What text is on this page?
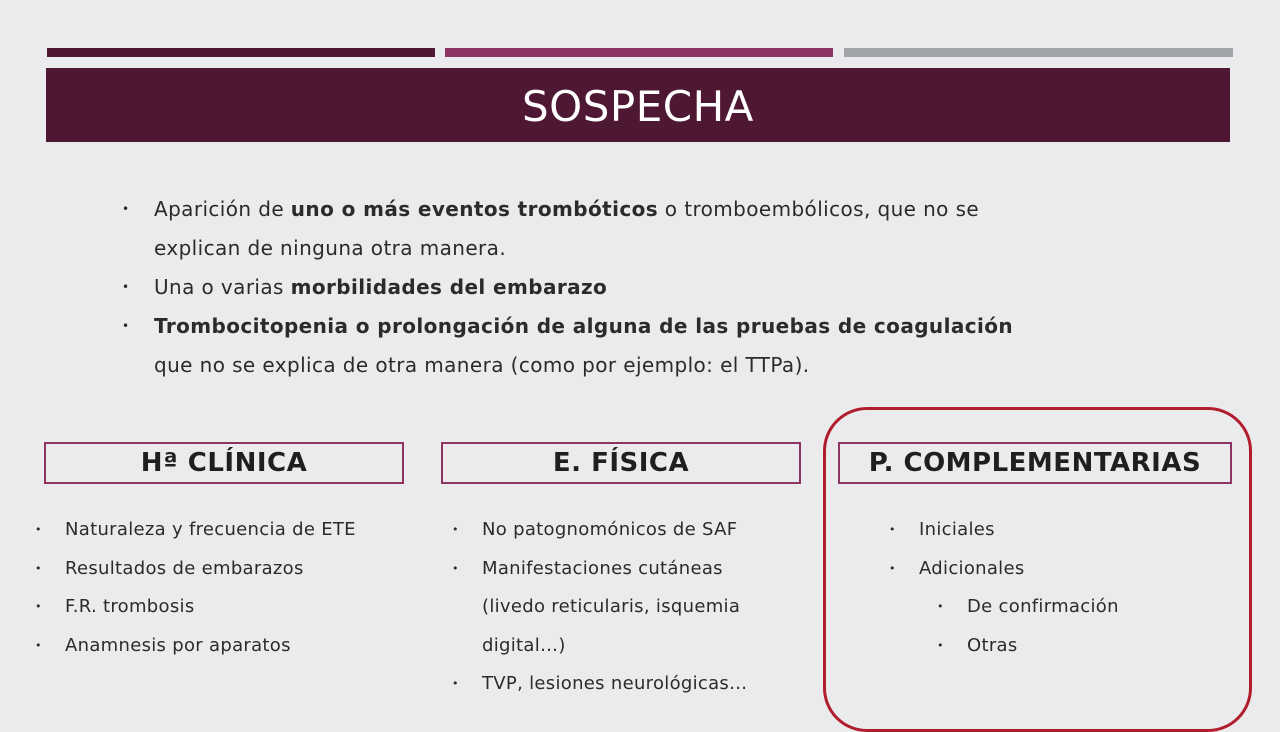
SOSPECHA
• Aparición de uno o más eventos trombóticos o tromboembólicos, que no se
explican de ninguna otra manera.
• Una o varias morbilidades del embarazo
• Trombocitopenia o prolongación de alguna de las pruebas de coagulación
que no se explica de otra manera (como por ejemplo: el TTPa).
Hª CLÍNICA	E. FÍSICA	P. COMPLEMENTARIAS
• Naturaleza y frecuencia de ETE
• Resultados de embarazos
• F.R. trombosis
• Anamnesis por aparatos
• No patognomónicos de SAF
• Manifestaciones cutáneas
(livedo reticularis, isquemia
digital…)
• TVP, lesiones neurológicas…
• Iniciales
• Adicionales
• De confirmación
• Otras
